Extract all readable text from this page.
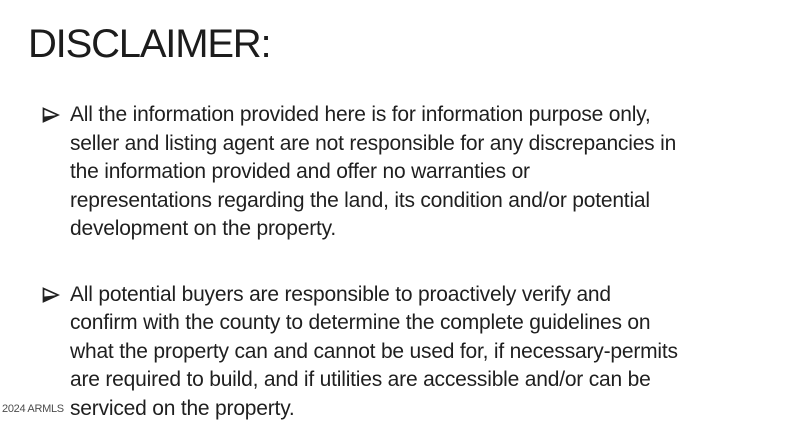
DISCLAIMER:
All the information provided here is for information purpose only,
seller and listing agent are not responsible for any discrepancies in
the information provided and offer no warranties or
representations regarding the land, its condition and/or potential
development on the property.
All potential buyers are responsible to proactively verify and
confirm with the county to determine the complete guidelines on
what the property can and cannot be used for, if necessary-permits
are required to build, and if utilities are accessible and/or can be
serviced on the property.
2024 ARMLS
